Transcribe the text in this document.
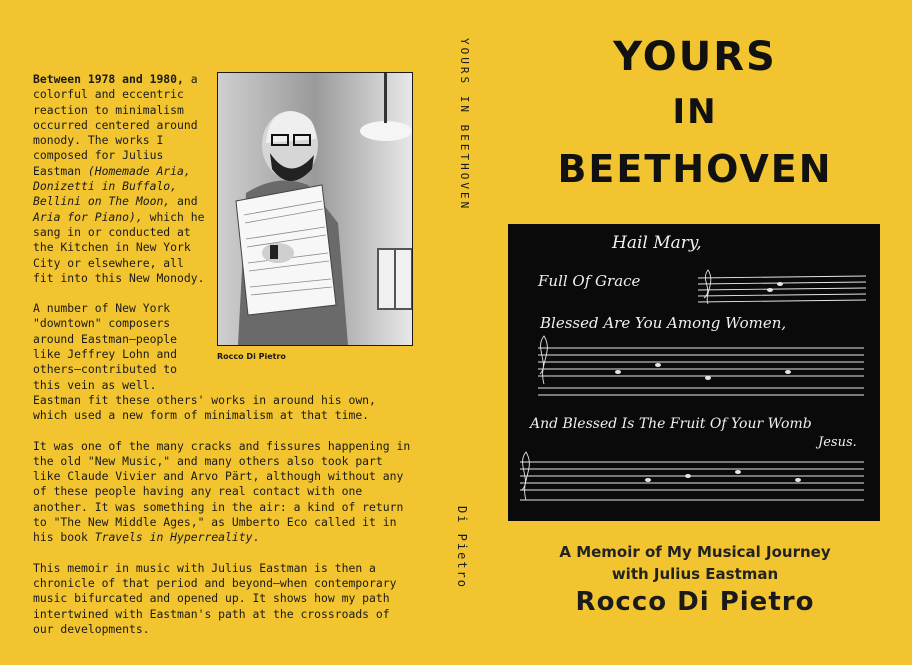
Rocco Di Pietro

Between 1978 and 1980, a colorful and eccentric reaction to minimalism occurred centered around monody. The works I composed for Julius Eastman (Homemade Aria, Donizetti in Buffalo, Bellini on The Moon, and Aria for Piano), which he sang in or conducted at the Kitchen in New York City or elsewhere, all fit into this New Monody.

A number of New York "downtown" composers around Eastman—people like Jeffrey Lohn and others—contributed to this vein as well. Eastman fit these others' works in around his own, which used a new form of minimalism at that time.

It was one of the many cracks and fissures happening in the old "New Music," and many others also took part like Claude Vivier and Arvo Pärt, although without any of these people having any real contact with one another. It was something in the air: a kind of return to "The New Middle Ages," as Umberto Eco called it in his book Travels in Hyperreality.

This memoir in music with Julius Eastman is then a chronicle of that period and beyond—when contemporary music bifurcated and opened up. It shows how my path intertwined with Eastman's path at the crossroads of our developments.

YOURS IN BEETHOVEN
Di Pietro
YOURS
IN
BEETHOVEN
Hail Mary,
Full Of Grace
Blessed Are You Among Women,
And Blessed Is The Fruit Of Your Womb
Jesus.
A Memoir of My Musical Journey
with Julius Eastman
Rocco Di Pietro
